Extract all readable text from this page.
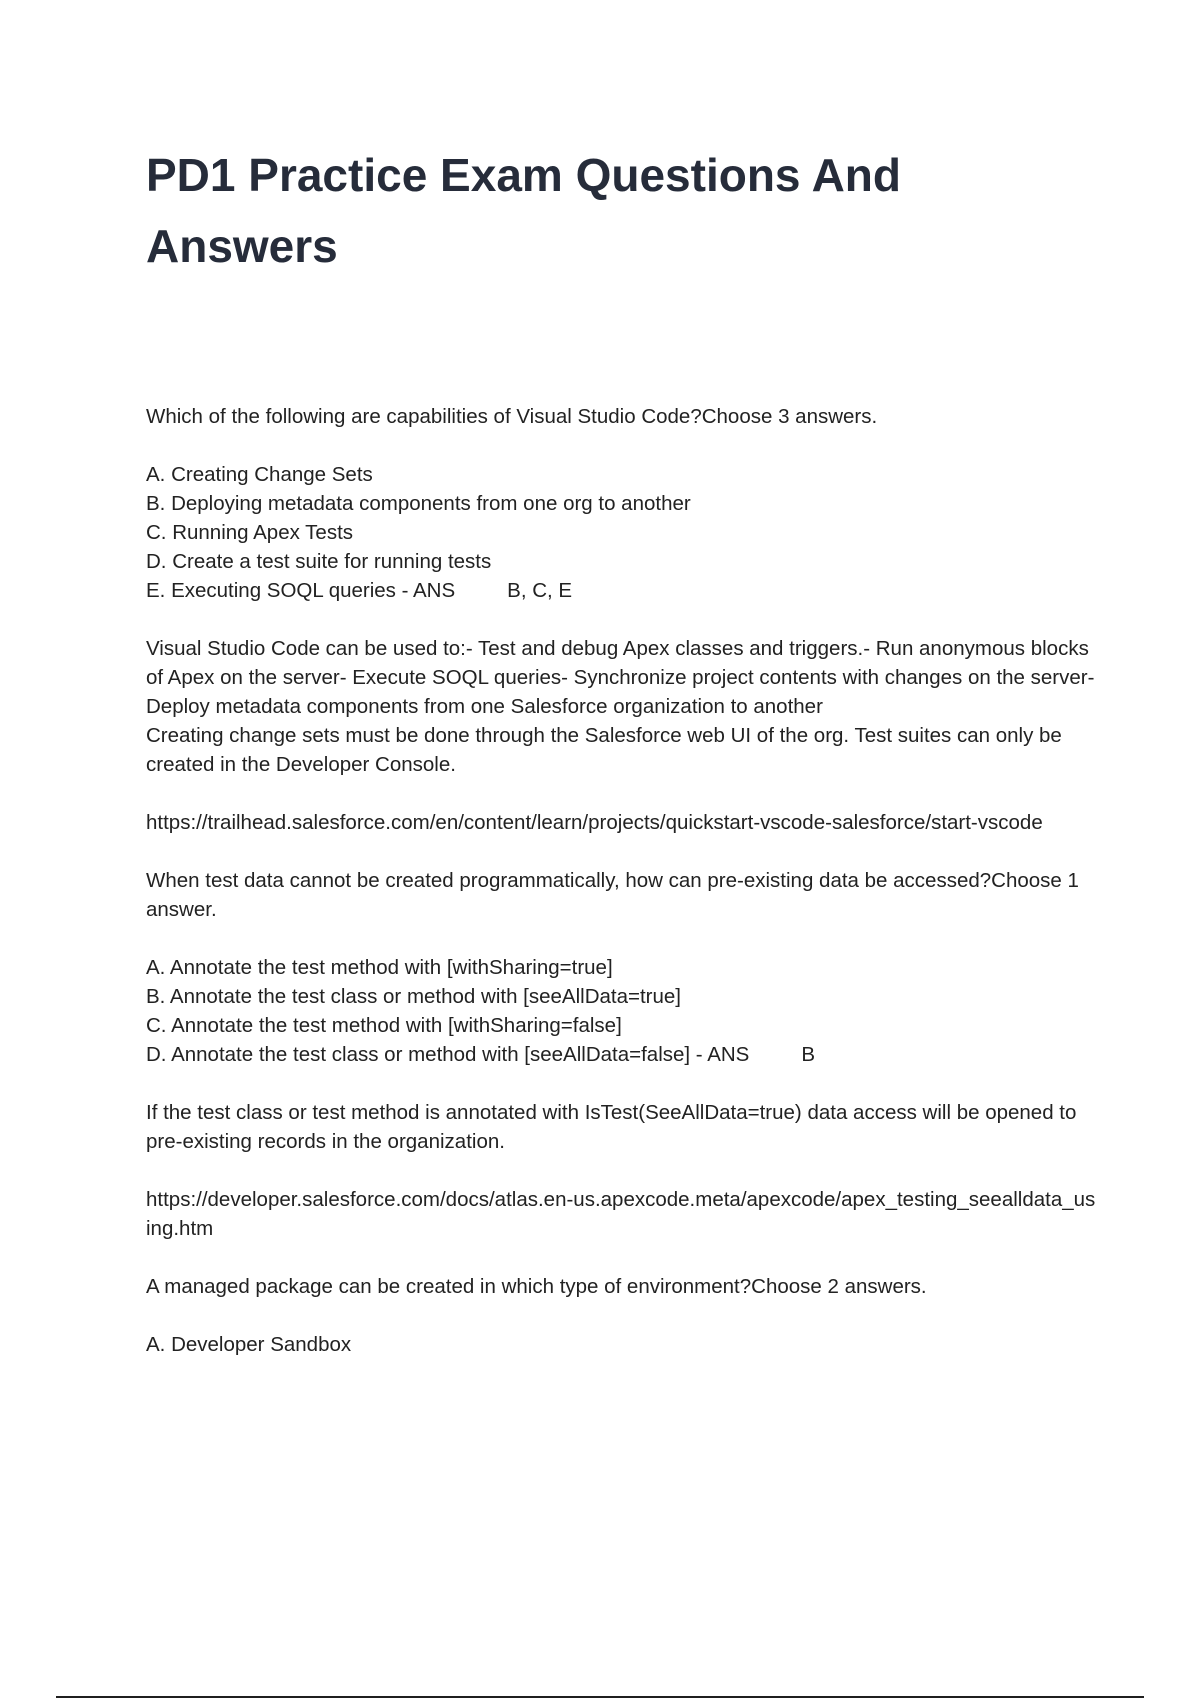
PD1 Practice Exam Questions And Answers

Which of the following are capabilities of Visual Studio Code?Choose 3 answers.

A. Creating Change Sets
B. Deploying metadata components from one org to another
C. Running Apex Tests
D. Create a test suite for running tests
E. Executing SOQL queries - ANS	B, C, E

Visual Studio Code can be used to:- Test and debug Apex classes and triggers.- Run anonymous blocks of Apex on the server- Execute SOQL queries- Synchronize project contents with changes on the server- Deploy metadata components from one Salesforce organization to another
Creating change sets must be done through the Salesforce web UI of the org. Test suites can only be created in the Developer Console.

https://trailhead.salesforce.com/en/content/learn/projects/quickstart-vscode-salesforce/start-vscode

When test data cannot be created programmatically, how can pre-existing data be accessed?Choose 1 answer.

A. Annotate the test method with [withSharing=true]
B. Annotate the test class or method with [seeAllData=true]
C. Annotate the test method with [withSharing=false]
D. Annotate the test class or method with [seeAllData=false] - ANS	B

If the test class or test method is annotated with IsTest(SeeAllData=true) data access will be opened to pre-existing records in the organization.

https://developer.salesforce.com/docs/atlas.en-us.apexcode.meta/apexcode/apex_testing_seealldata_using.htm

A managed package can be created in which type of environment?Choose 2 answers.

A. Developer Sandbox
